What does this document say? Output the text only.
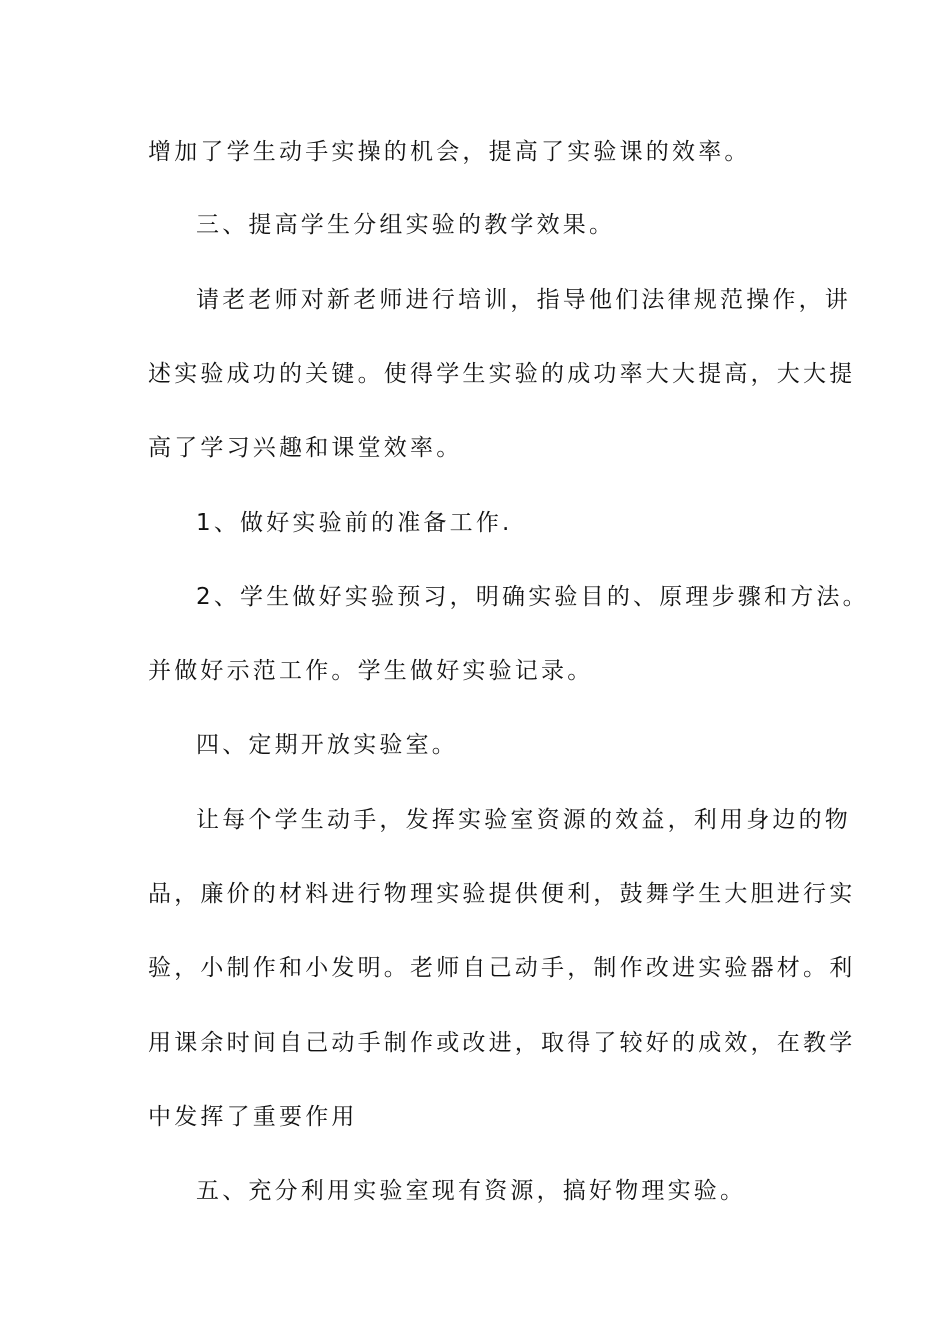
增加了学生动手实操的机会，提高了实验课的效率。
三、提高学生分组实验的教学效果。
请老老师对新老师进行培训，指导他们法律规范操作，讲
述实验成功的关键。使得学生实验的成功率大大提高，大大提
高了学习兴趣和课堂效率。
1、做好实验前的准备工作.
2、学生做好实验预习，明确实验目的、原理步骤和方法。
并做好示范工作。学生做好实验记录。
四、定期开放实验室。
让每个学生动手，发挥实验室资源的效益，利用身边的物
品，廉价的材料进行物理实验提供便利，鼓舞学生大胆进行实
验，小制作和小发明。老师自己动手，制作改进实验器材。利
用课余时间自己动手制作或改进，取得了较好的成效，在教学
中发挥了重要作用
五、充分利用实验室现有资源，搞好物理实验。
